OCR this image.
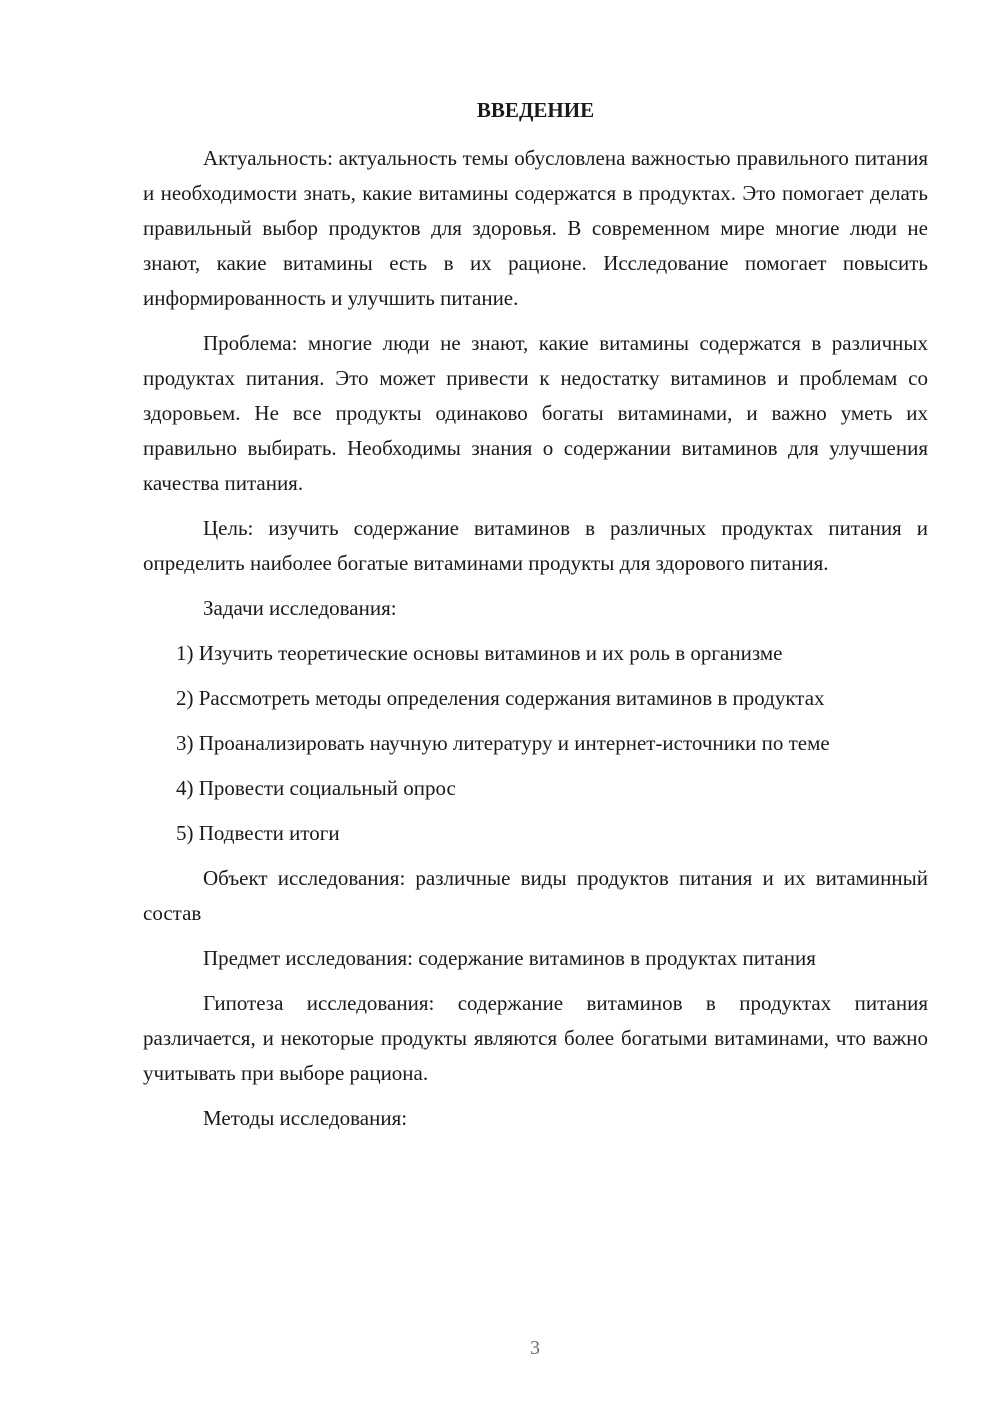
ВВЕДЕНИЕ

Актуальность: актуальность темы обусловлена важностью правильного питания и необходимости знать, какие витамины содержатся в продуктах. Это помогает делать правильный выбор продуктов для здоровья. В современном мире многие люди не знают, какие витамины есть в их рационе. Исследование помогает повысить информированность и улучшить питание.

Проблема: многие люди не знают, какие витамины содержатся в различных продуктах питания. Это может привести к недостатку витаминов и проблемам со здоровьем. Не все продукты одинаково богаты витаминами, и важно уметь их правильно выбирать. Необходимы знания о содержании витаминов для улучшения качества питания.

Цель: изучить содержание витаминов в различных продуктах питания и определить наиболее богатые витаминами продукты для здорового питания.

Задачи исследования:

1) Изучить теоретические основы витаминов и их роль в организме

2) Рассмотреть методы определения содержания витаминов в продуктах

3) Проанализировать научную литературу и интернет-источники по теме

4) Провести социальный опрос

5) Подвести итоги

Объект исследования: различные виды продуктов питания и их витаминный состав

Предмет исследования: содержание витаминов в продуктах питания

Гипотеза исследования: содержание витаминов в продуктах питания различается, и некоторые продукты являются более богатыми витаминами, что важно учитывать при выборе рациона.

Методы исследования:

3
